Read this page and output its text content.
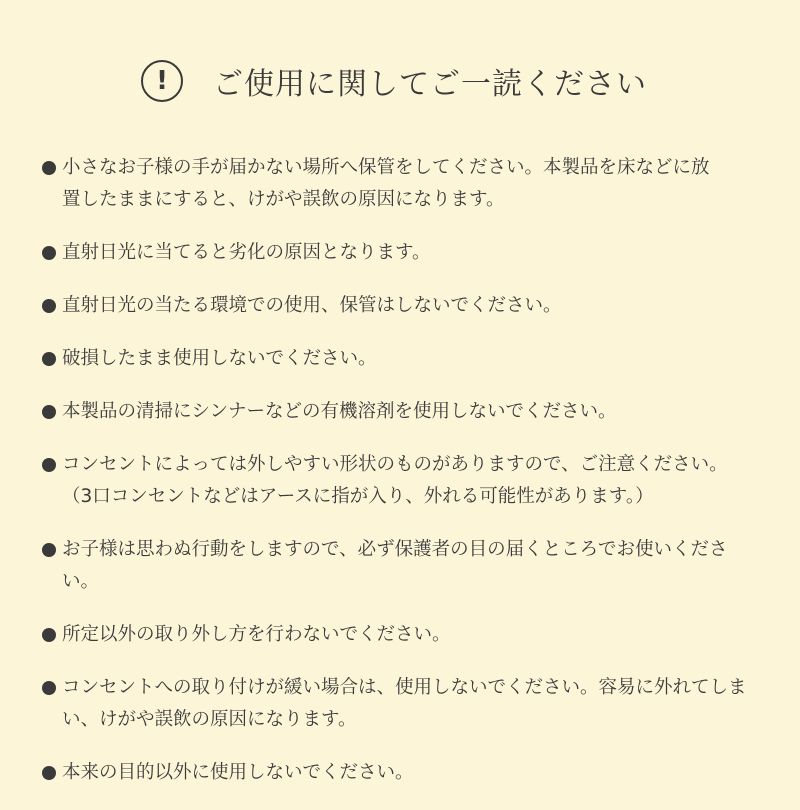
!	ご使用に関してご一読ください
小さなお子様の手が届かない場所へ保管をしてください。本製品を床などに放
置したままにすると、けがや誤飲の原因になります。
直射日光に当てると劣化の原因となります。
直射日光の当たる環境での使用、保管はしないでください。
破損したまま使用しないでください。
本製品の清掃にシンナーなどの有機溶剤を使用しないでください。
コンセントによっては外しやすい形状のものがありますので、ご注意ください。
（3口コンセントなどはアースに指が入り、外れる可能性があります。）
お子様は思わぬ行動をしますので、必ず保護者の目の届くところでお使いくださ
い。
所定以外の取り外し方を行わないでください。
コンセントへの取り付けが緩い場合は、使用しないでください。容易に外れてしま
い、けがや誤飲の原因になります。
本来の目的以外に使用しないでください。
